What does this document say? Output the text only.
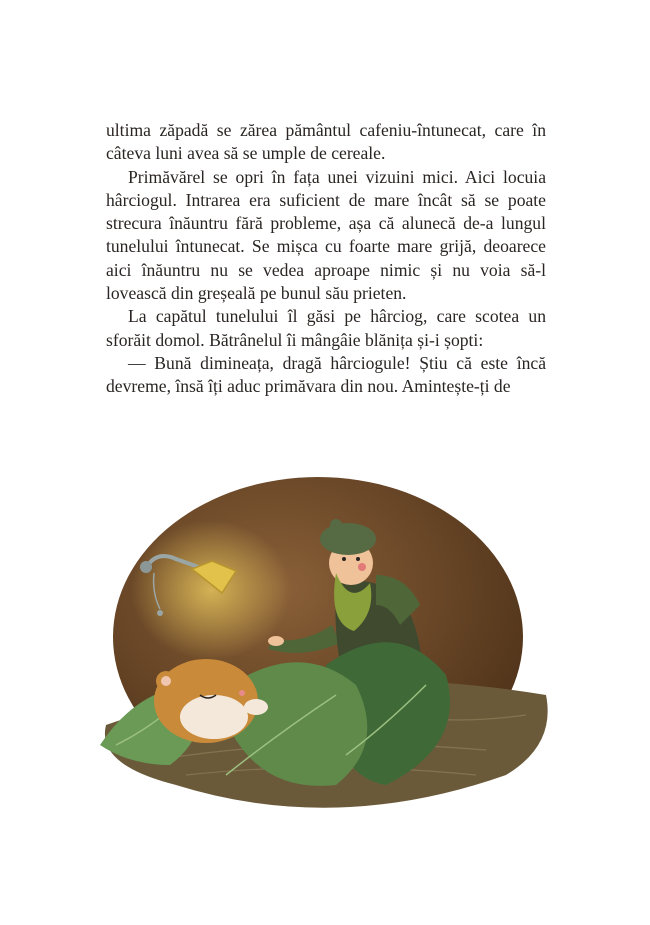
ultima zăpadă se zărea pământul cafeniu-întunecat, care în câteva luni avea să se umple de cereale.

Primăvărel se opri în fața unei vizuini mici. Aici locuia hârciogul. Intrarea era suficient de mare încât să se poate strecura înăuntru fără probleme, așa că alunecă de-a lungul tunelului întunecat. Se mișca cu foarte mare grijă, deoarece aici înăuntru nu se vedea aproape nimic și nu voia să-l lovească din greșeală pe bunul său prieten.

La capătul tunelului îl găsi pe hârciog, care scotea un sforăit domol. Bătrânelul îi mângâie blănița și-i șopti:

— Bună dimineața, dragă hârciogule! Știu că este încă devreme, însă îți aduc primăvara din nou. Amintește-ți de
